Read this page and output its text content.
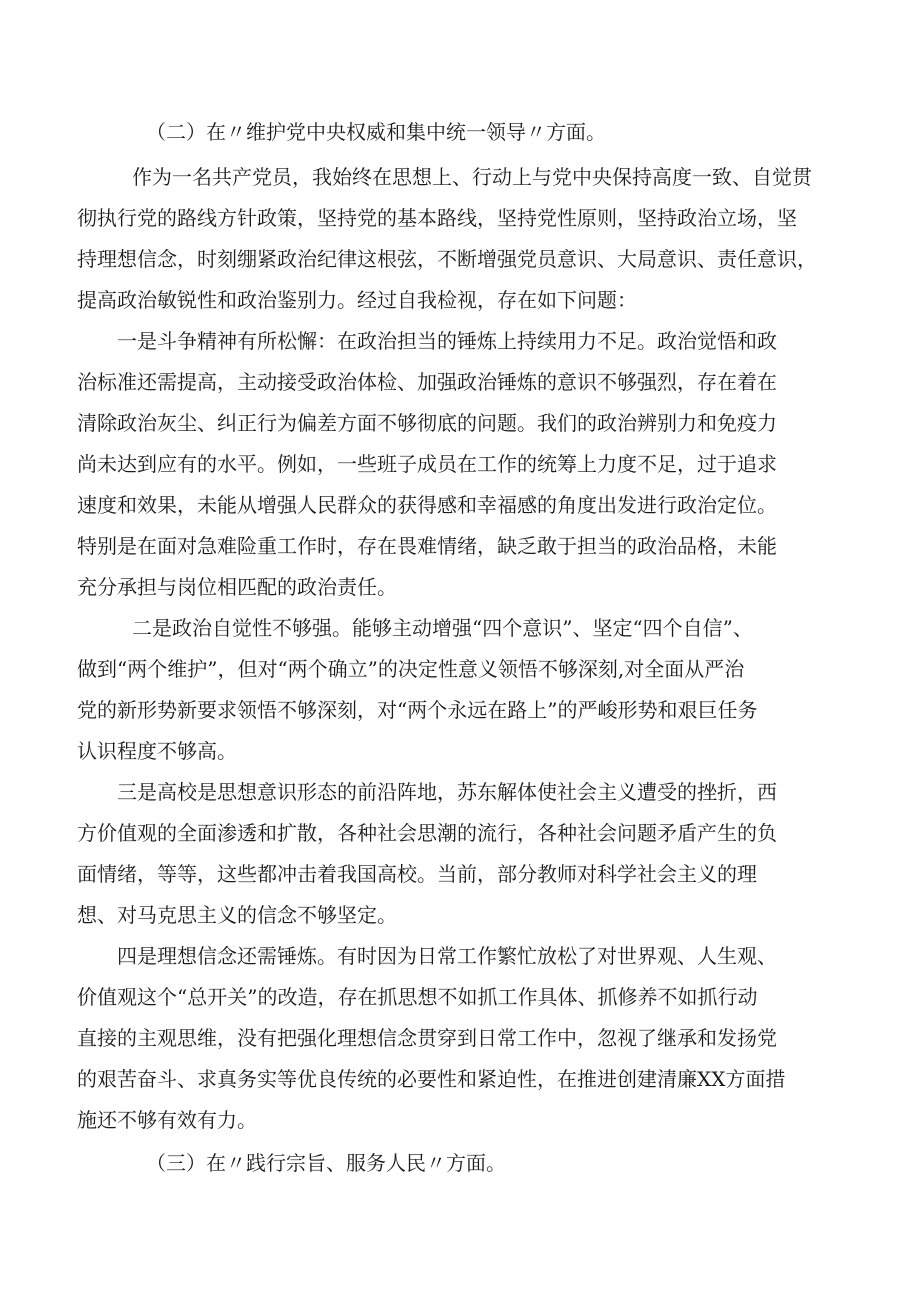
（二）在〃维护党中央权威和集中统一领导〃方面。

作为一名共产党员，我始终在思想上、行动上与党中央保持高度一致、自觉贯

彻执行党的路线方针政策，坚持党的基本路线，坚持党性原则，坚持政治立场，坚

持理想信念，时刻绷紧政治纪律这根弦，不断增强党员意识、大局意识、责任意识，

提高政治敏锐性和政治鉴别力。经过自我检视，存在如下问题：

一是斗争精神有所松懈：在政治担当的锤炼上持续用力不足。政治觉悟和政

治标准还需提高，主动接受政治体检、加强政治锤炼的意识不够强烈，存在着在

清除政治灰尘、纠正行为偏差方面不够彻底的问题。我们的政治辨别力和免疫力

尚未达到应有的水平。例如，一些班子成员在工作的统筹上力度不足，过于追求

速度和效果，未能从增强人民群众的获得感和幸福感的角度出发进行政治定位。

特别是在面对急难险重工作时，存在畏难情绪，缺乏敢于担当的政治品格，未能

充分承担与岗位相匹配的政治责任。

二是政治自觉性不够强。能够主动增强“四个意识”、坚定“四个自信”、

做到“两个维护”，但对“两个确立”的决定性意义领悟不够深刻,对全面从严治

党的新形势新要求领悟不够深刻，对“两个永远在路上”的严峻形势和艰巨任务

认识程度不够高。

三是高校是思想意识形态的前沿阵地，苏东解体使社会主义遭受的挫折，西

方价值观的全面渗透和扩散，各种社会思潮的流行，各种社会问题矛盾产生的负

面情绪，等等，这些都冲击着我国高校。当前，部分教师对科学社会主义的理

想、对马克思主义的信念不够坚定。

四是理想信念还需锤炼。有时因为日常工作繁忙放松了对世界观、人生观、

价值观这个“总开关”的改造，存在抓思想不如抓工作具体、抓修养不如抓行动

直接的主观思维，没有把强化理想信念贯穿到日常工作中，忽视了继承和发扬党

的艰苦奋斗、求真务实等优良传统的必要性和紧迫性，在推进创建清廉XX方面措

施还不够有效有力。

（三）在〃践行宗旨、服务人民〃方面。
